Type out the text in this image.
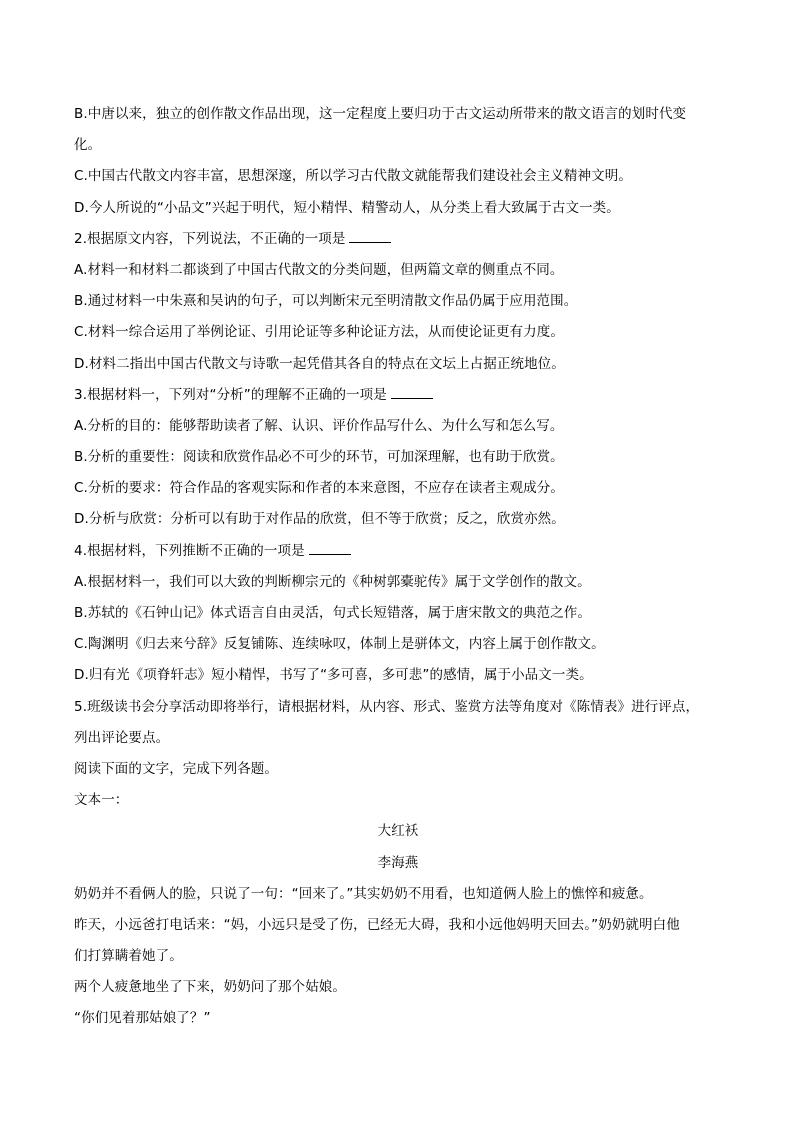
B.中唐以来，独立的创作散文作品出现，这一定程度上要归功于古文运动所带来的散文语言的划时代变
化。
C.中国古代散文内容丰富，思想深邃，所以学习古代散文就能帮我们建设社会主义精神文明。
D.今人所说的“小品文”兴起于明代，短小精悍、精警动人，从分类上看大致属于古文一类。
2.根据原文内容，下列说法，不正确的一项是
A.材料一和材料二都谈到了中国古代散文的分类问题，但两篇文章的侧重点不同。
B.通过材料一中朱熹和吴讷的句子，可以判断宋元至明清散文作品仍属于应用范围。
C.材料一综合运用了举例论证、引用论证等多种论证方法，从而使论证更有力度。
D.材料二指出中国古代散文与诗歌一起凭借其各自的特点在文坛上占据正统地位。
3.根据材料一，下列对“分析”的理解不正确的一项是
A.分析的目的：能够帮助读者了解、认识、评价作品写什么、为什么写和怎么写。
B.分析的重要性：阅读和欣赏作品必不可少的环节，可加深理解，也有助于欣赏。
C.分析的要求：符合作品的客观实际和作者的本来意图，不应存在读者主观成分。
D.分析与欣赏：分析可以有助于对作品的欣赏，但不等于欣赏；反之，欣赏亦然。
4.根据材料，下列推断不正确的一项是
A.根据材料一，我们可以大致的判断柳宗元的《种树郭橐驼传》属于文学创作的散文。
B.苏轼的《石钟山记》体式语言自由灵活，句式长短错落，属于唐宋散文的典范之作。
C.陶渊明《归去来兮辞》反复铺陈、连续咏叹，体制上是骈体文，内容上属于创作散文。
D.归有光《项脊轩志》短小精悍，书写了“多可喜，多可悲”的感情，属于小品文一类。
5.班级读书会分享活动即将举行，请根据材料，从内容、形式、鉴赏方法等角度对《陈情表》进行评点，
列出评论要点。
阅读下面的文字，完成下列各题。
文本一：
大红袄
李海燕
奶奶并不看俩人的脸，只说了一句：“回来了。”其实奶奶不用看，也知道俩人脸上的憔悴和疲惫。
昨天，小远爸打电话来：“妈，小远只是受了伤，已经无大碍，我和小远他妈明天回去。”奶奶就明白他
们打算瞒着她了。
两个人疲惫地坐了下来，奶奶问了那个姑娘。
“你们见着那姑娘了？”
